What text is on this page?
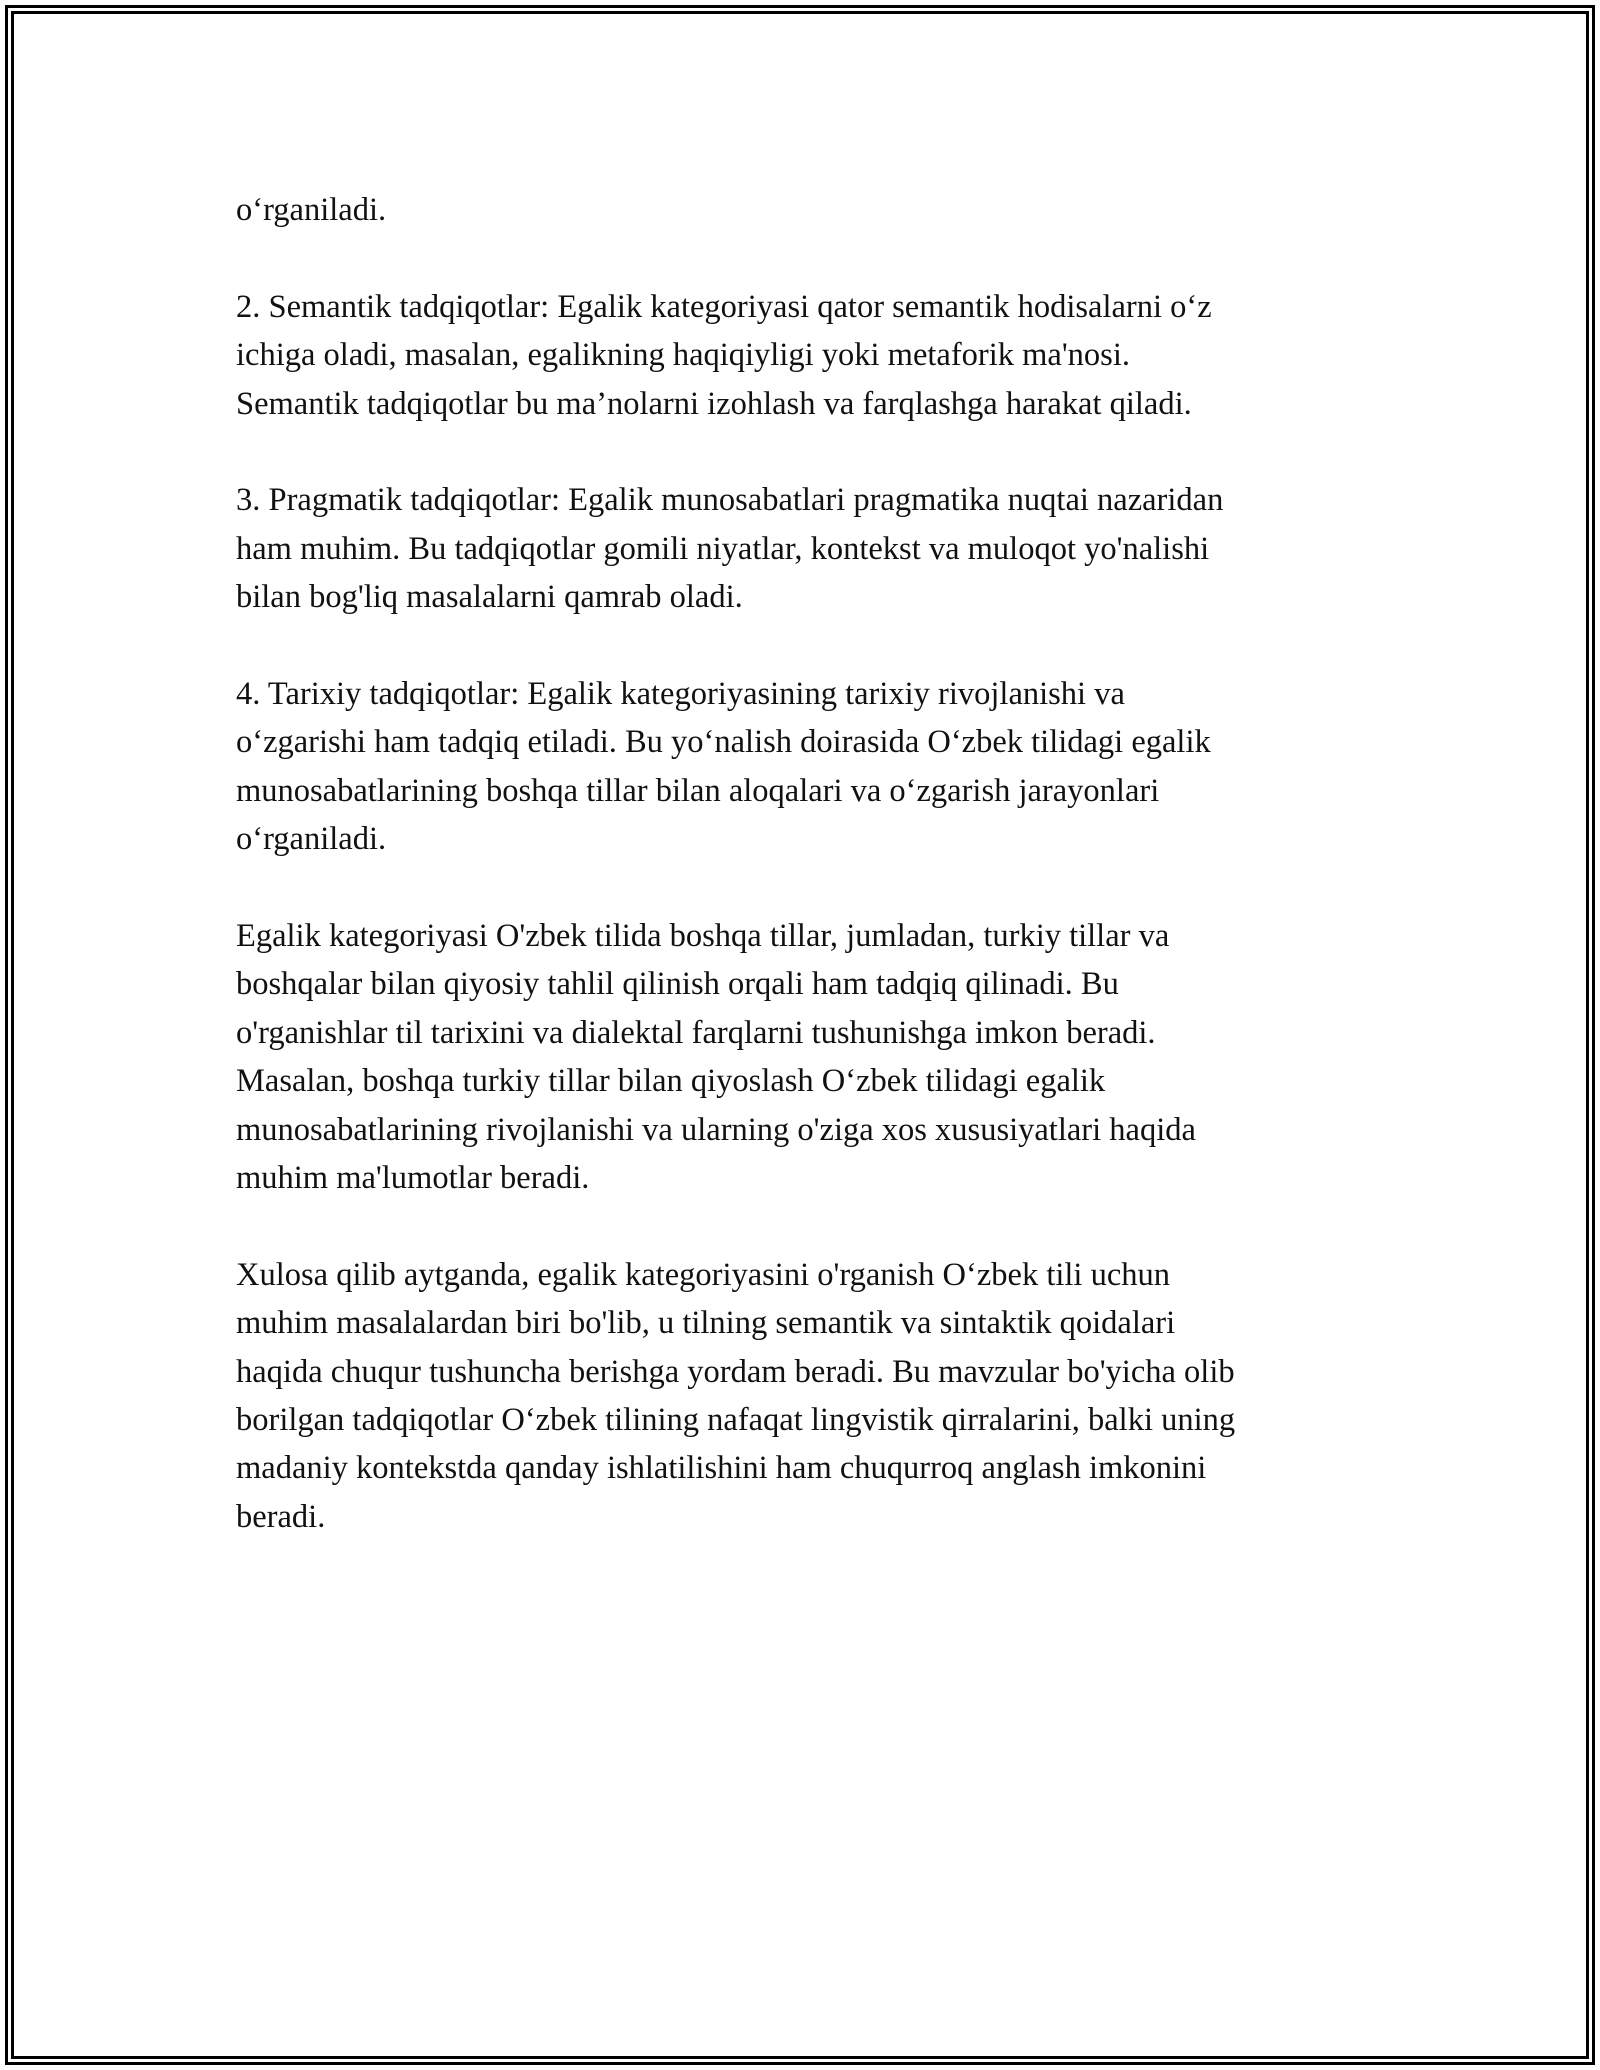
o‘rganiladi.

2. Semantik tadqiqotlar: Egalik kategoriyasi qator semantik hodisalarni o‘z
ichiga oladi, masalan, egalikning haqiqiyligi yoki metaforik ma'nosi.
Semantik tadqiqotlar bu ma’nolarni izohlash va farqlashga harakat qiladi.

3. Pragmatik tadqiqotlar: Egalik munosabatlari pragmatika nuqtai nazaridan
ham muhim. Bu tadqiqotlar gomili niyatlar, kontekst va muloqot yo'nalishi
bilan bog'liq masalalarni qamrab oladi.

4. Tarixiy tadqiqotlar: Egalik kategoriyasining tarixiy rivojlanishi va
o‘zgarishi ham tadqiq etiladi. Bu yo‘nalish doirasida O‘zbek tilidagi egalik
munosabatlarining boshqa tillar bilan aloqalari va o‘zgarish jarayonlari
o‘rganiladi.

Egalik kategoriyasi O'zbek tilida boshqa tillar, jumladan, turkiy tillar va
boshqalar bilan qiyosiy tahlil qilinish orqali ham tadqiq qilinadi. Bu
o'rganishlar til tarixini va dialektal farqlarni tushunishga imkon beradi.
Masalan, boshqa turkiy tillar bilan qiyoslash O‘zbek tilidagi egalik
munosabatlarining rivojlanishi va ularning o'ziga xos xususiyatlari haqida
muhim ma'lumotlar beradi.

Xulosa qilib aytganda, egalik kategoriyasini o'rganish O‘zbek tili uchun
muhim masalalardan biri bo'lib, u tilning semantik va sintaktik qoidalari
haqida chuqur tushuncha berishga yordam beradi. Bu mavzular bo'yicha olib
borilgan tadqiqotlar O‘zbek tilining nafaqat lingvistik qirralarini, balki uning
madaniy kontekstda qanday ishlatilishini ham chuqurroq anglash imkonini
beradi.
